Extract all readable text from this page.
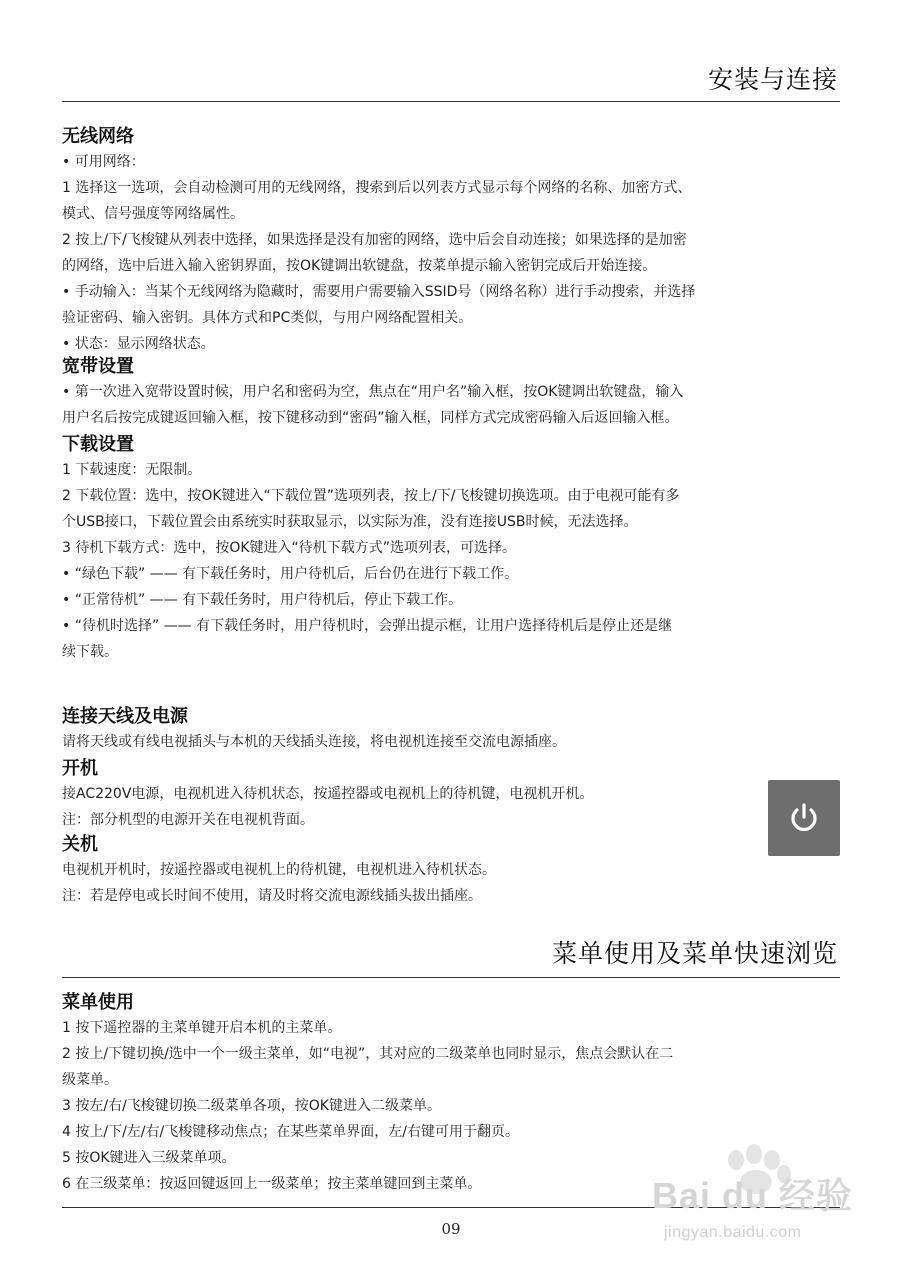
安装与连接
无线网络

• 可用网络：

1 选择这一选项，会自动检测可用的无线网络，搜索到后以列表方式显示每个网络的名称、加密方式、

模式、信号强度等网络属性。

2 按上/下/飞梭键从列表中选择，如果选择是没有加密的网络，选中后会自动连接；如果选择的是加密

的网络，选中后进入输入密钥界面，按OK键调出软键盘，按菜单提示输入密钥完成后开始连接。

• 手动输入：当某个无线网络为隐藏时，需要用户需要输入SSID号（网络名称）进行手动搜索，并选择

验证密码、输入密钥。具体方式和PC类似，与用户网络配置相关。

• 状态：显示网络状态。

宽带设置

• 第一次进入宽带设置时候，用户名和密码为空，焦点在“用户名”输入框，按OK键调出软键盘，输入

用户名后按完成键返回输入框，按下键移动到“密码”输入框，同样方式完成密码输入后返回输入框。

下载设置

1 下载速度：无限制。

2 下载位置：选中，按OK键进入“下载位置”选项列表，按上/下/飞梭键切换选项。由于电视可能有多

个USB接口，下载位置会由系统实时获取显示，以实际为准，没有连接USB时候，无法选择。

3 待机下载方式：选中，按OK键进入“待机下载方式”选项列表，可选择。

• “绿色下载” —— 有下载任务时，用户待机后，后台仍在进行下载工作。

• “正常待机” —— 有下载任务时，用户待机后，停止下载工作。

• “待机时选择” —— 有下载任务时，用户待机时，会弹出提示框，让用户选择待机后是停止还是继

续下载。

连接天线及电源

请将天线或有线电视插头与本机的天线插头连接，将电视机连接至交流电源插座。

开机

接AC220V电源，电视机进入待机状态，按遥控器或电视机上的待机键，电视机开机。

注：部分机型的电源开关在电视机背面。

关机

电视机开机时，按遥控器或电视机上的待机键，电视机进入待机状态。

注：若是停电或长时间不使用，请及时将交流电源线插头拔出插座。

菜单使用及菜单快速浏览
菜单使用

1 按下遥控器的主菜单键开启本机的主菜单。

2 按上/下键切换/选中一个一级主菜单，如“电视”，其对应的二级菜单也同时显示，焦点会默认在二

级菜单。

3 按左/右/飞梭键切换二级菜单各项，按OK键进入二级菜单。

4 按上/下/左/右/飞梭键移动焦点；在某些菜单界面，左/右键可用于翻页。

5 按OK键进入三级菜单项。

6 在三级菜单：按返回键返回上一级菜单；按主菜单键回到主菜单。

09
Bai du 经验
jingyan.baidu.com
